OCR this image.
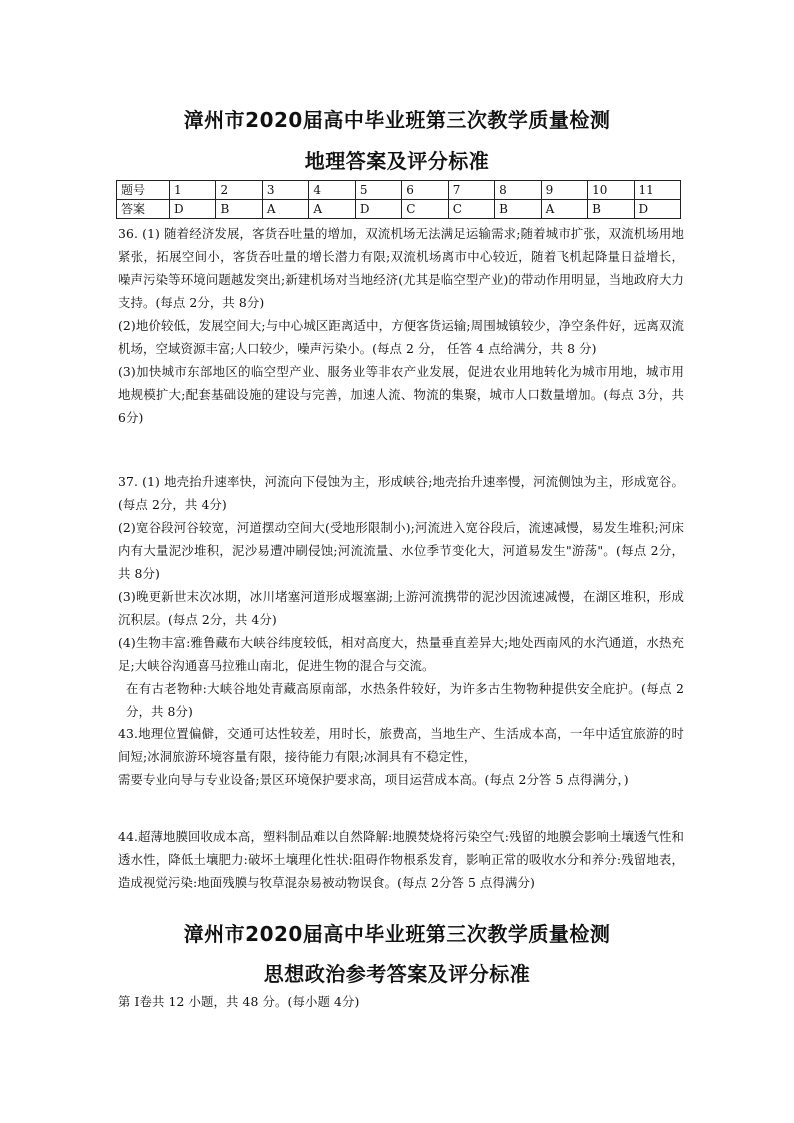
漳州市2020届高中毕业班第三次教学质量检测
地理答案及评分标准
题号	1	2	3	4	5	6	7	8	9	10	11
答案	D	B	A	A	D	C	C	B	A	B	D

36. (1) 随着经济发展，客货吞吐量的增加，双流机场无法满足运输需求;随着城市扩张，双流机场用地紧张，拓展空间小，客货吞吐量的增长潜力有限;双流机场离市中心较近，随着飞机起降量日益增长，噪声污染等环境问题越发突出;新建机场对当地经济(尤其是临空型产业)的带动作用明显，当地政府大力支持。(每点 2分，共 8分)

(2)地价较低，发展空间大;与中心城区距离适中，方便客货运输;周围城镇较少，净空条件好，远离双流机场，空域资源丰富;人口较少，噪声污染小。(每点 2 分， 任答 4 点给满分，共 8 分)

(3)加快城市东部地区的临空型产业、服务业等非农产业发展，促进农业用地转化为城市用地，城市用地规模扩大;配套基础设施的建设与完善，加速人流、物流的集聚，城市人口数量增加。(每点 3分，共 6分)

37. (1) 地壳抬升速率快，河流向下侵蚀为主，形成峡谷;地壳抬升速率慢，河流侧蚀为主，形成宽谷。(每点 2分，共 4分)

(2)宽谷段河谷较宽，河道摆动空间大(受地形限制小);河流进入宽谷段后，流速减慢，易发生堆积;河床内有大量泥沙堆积，泥沙易遭冲刷侵蚀;河流流量、水位季节变化大，河道易发生"游荡"。(每点 2分，共 8分)

(3)晚更新世末次冰期，冰川堵塞河道形成堰塞湖;上游河流携带的泥沙因流速减慢，在湖区堆积，形成沉积层。(每点 2分，共 4分)

(4)生物丰富:雅鲁藏布大峡谷纬度较低，相对高度大，热量垂直差异大;地处西南风的水汽通道，水热充足;大峡谷沟通喜马拉雅山南北，促进生物的混合与交流。

在有古老物种:大峡谷地处青藏高原南部，水热条件较好，为许多古生物物种提供安全庇护。(每点 2分，共 8分)

43.地理位置偏僻，交通可达性较差，用时长，旅费高，当地生产、生活成本高，一年中适宜旅游的时间短;冰洞旅游环境容量有限，接待能力有限;冰洞具有不稳定性，

需要专业向导与专业设备;景区环境保护要求高，项目运营成本高。(每点 2分答 5 点得满分，)

44.超薄地膜回收成本高，塑料制品难以自然降解:地膜焚烧将污染空气:残留的地膜会影响土壤透气性和透水性，降低土壤肥力:破坏土壤理化性状:阻碍作物根系发育，影响正常的吸收水分和养分:残留地表，造成视觉污染:地面残膜与牧草混杂易被动物误食。(每点 2分答 5 点得满分)

漳州市2020届高中毕业班第三次教学质量检测
思想政治参考答案及评分标准

第 I卷共 12 小题，共 48 分。(每小题 4分)
